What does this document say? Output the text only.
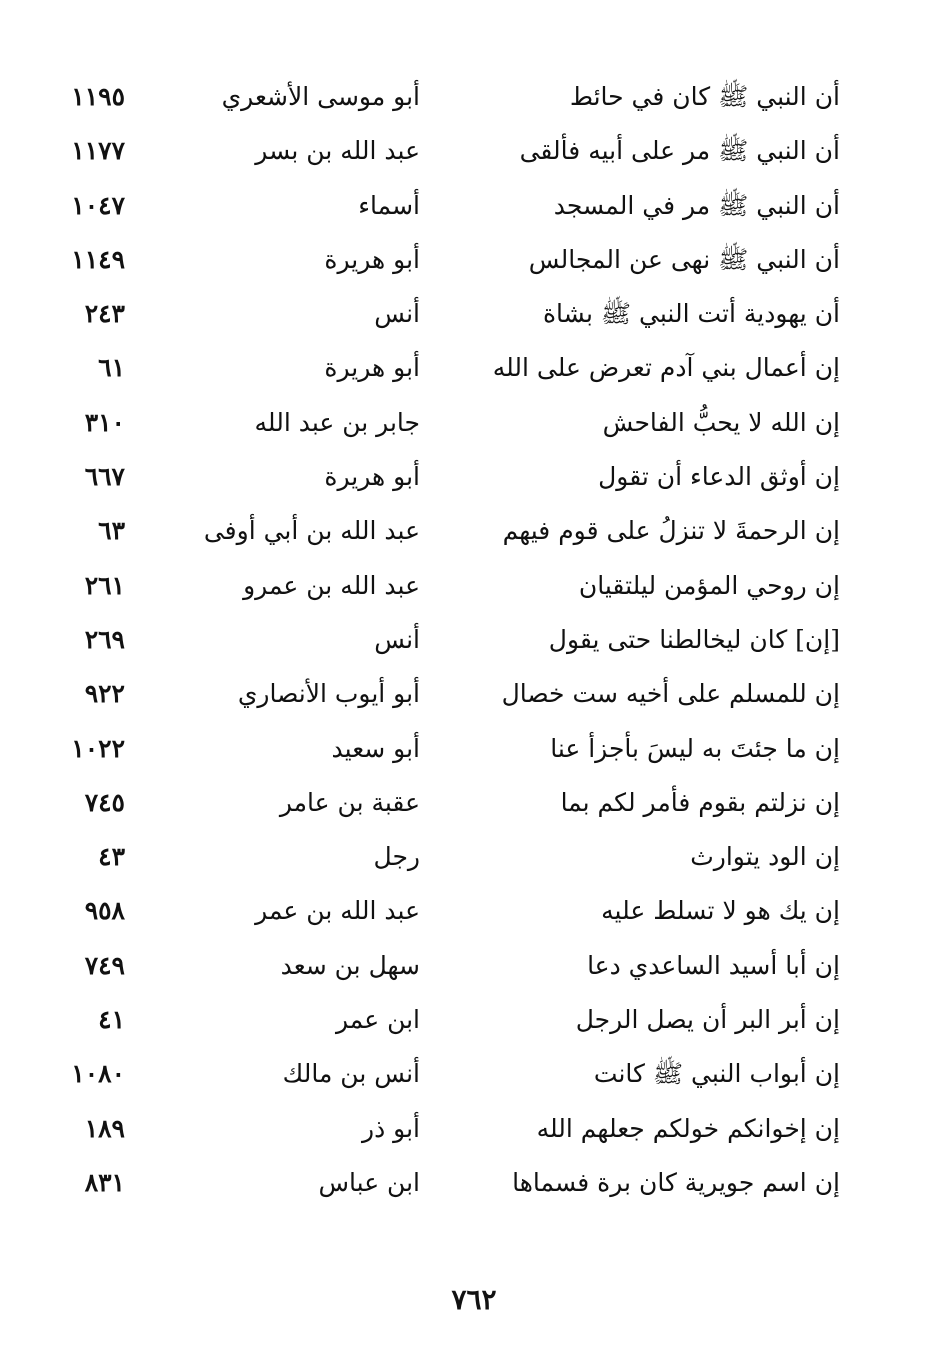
أن النبي ﷺ كان في حائط
أبو موسى الأشعري
١١٩٥
أن النبي ﷺ مر على أبيه فألقى
عبد الله بن بسر
١١٧٧
أن النبي ﷺ مر في المسجد
أسماء
١٠٤٧
أن النبي ﷺ نهى عن المجالس
أبو هريرة
١١٤٩
أن يهودية أتت النبي ﷺ بشاة
أنس
٢٤٣
إن أعمال بني آدم تعرض على الله
أبو هريرة
٦١
إن الله لا يحبُّ الفاحش
جابر بن عبد الله
٣١٠
إن أوثق الدعاء أن تقول
أبو هريرة
٦٦٧
إن الرحمةَ لا تنزلُ على قوم فيهم
عبد الله بن أبي أوفى
٦٣
إن روحي المؤمن ليلتقيان
عبد الله بن عمرو
٢٦١
[إن] كان ليخالطنا حتى يقول
أنس
٢٦٩
إن للمسلم على أخيه ست خصال
أبو أيوب الأنصاري
٩٢٢
إن ما جئتَ به ليسَ بأجزأ عنا
أبو سعيد
١٠٢٢
إن نزلتم بقوم فأمر لكم بما
عقبة بن عامر
٧٤٥
إن الود يتوارث
رجل
٤٣
إن يك هو لا تسلط عليه
عبد الله بن عمر
٩٥٨
إن أبا أسيد الساعدي دعا
سهل بن سعد
٧٤٩
إن أبر البر أن يصل الرجل
ابن عمر
٤١
إن أبواب النبي ﷺ كانت
أنس بن مالك
١٠٨٠
إن إخوانكم خولكم جعلهم الله
أبو ذر
١٨٩
إن اسم جويرية كان برة فسماها
ابن عباس
٨٣١
٧٦٢
